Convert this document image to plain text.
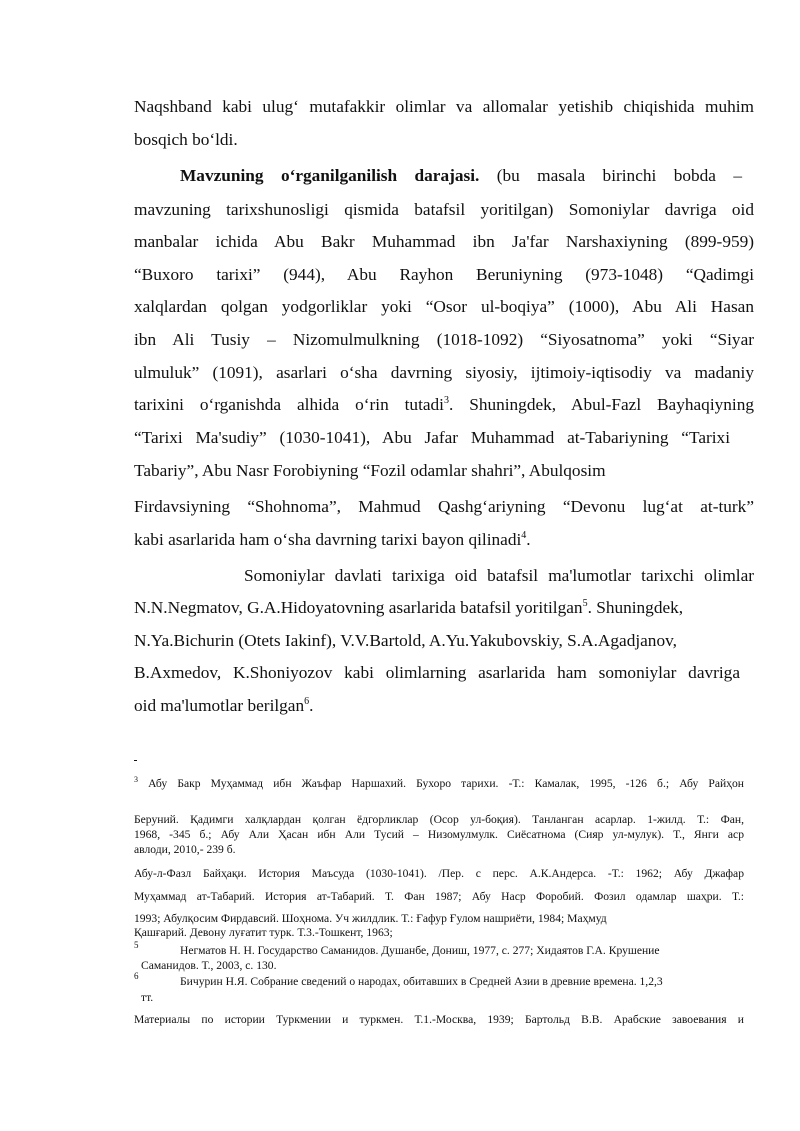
Naqshband kabi ulug‘ mutafakkir olimlar va allomalar yetishib chiqishida muhim
bosqich bo‘ldi.
Mavzuning o‘rganilganilish darajasi. (bu masala birinchi bobda –
mavzuning tarixshunosligi qismida batafsil yoritilgan) Somoniylar davriga oid
manbalar ichida Abu Bakr Muhammad ibn Ja'far Narshaxiyning (899-959)
“Buxoro tarixi” (944), Abu Rayhon Beruniyning (973-1048) “Qadimgi
xalqlardan qolgan yodgorliklar yoki “Osor ul-boqiya” (1000), Abu Ali Hasan
ibn Ali Tusiy – Nizomulmulkning (1018-1092) “Siyosatnoma” yoki “Siyar
ulmuluk” (1091), asarlari o‘sha davrning siyosiy, ijtimoiy-iqtisodiy va madaniy
tarixini o‘rganishda alhida o‘rin tutadi$^3$. Shuningdek, Abul-Fazl Bayhaqiyning
“Tarixi Ma'sudiy” (1030-1041), Abu Jafar Muhammad at-Tabariyning “Tarixi
Tabariy”, Abu Nasr Forobiyning “Fozil odamlar shahri”, Abulqosim
Firdavsiyning “Shohnoma”, Mahmud Qashg‘ariyning “Devonu lug‘at at-turk”
kabi asarlarida ham o‘sha davrning tarixi bayon qilinadi$^4$.
Somoniylar davlati tarixiga oid batafsil ma'lumotlar tarixchi olimlar
N.N.Negmatov, G.A.Hidoyatovning asarlarida batafsil yoritilgan$^5$. Shuningdek,
N.Ya.Bichurin (Otets Iakinf), V.V.Bartold, A.Yu.Yakubovskiy, S.A.Agadjanov,
B.Axmedov, K.Shoniyozov kabi olimlarning asarlarida ham somoniylar davriga
oid ma'lumotlar berilgan$^6$.
$^3$ Абу Бакр Муҳаммад ибн Жаъфар Наршахий. Бухоро тарихи. -Т.: Камалак, 1995, -126 б.; Абу Райҳон
Беруний. Қадимги халқлардан қолган ёдгорликлар (Осор ул-боқия). Танланган асарлар. 1-жилд. Т.: Фан,
1968, -345 б.; Абу Али Ҳасан ибн Али Тусий – Низомулмулк. Сиёсатнома (Сияр ул-мулук). Т., Янги аср
авлоди, 2010,- 239 б.
Абу-л-Фазл Байҳақи. История Маъсуда (1030-1041). /Пер. с перс. А.К.Андерса. -Т.: 1962; Абу Джафар
Муҳаммад ат-Табарий. История ат-Табарий. Т. Фан 1987; Абу Наср Форобий. Фозил одамлар шаҳри. Т.:
1993; Абулқосим Фирдавсий. Шоҳнома. Уч жилдлик. Т.: Ғафур Ғулом нашриёти, 1984; Маҳмуд
Қашғарий. Девону луғатит турк. Т.3.-Тошкент, 1963;
5	Негматов Н. Н. Государство Саманидов. Душанбе, Дониш, 1977, с. 277; Хидаятов Г.А. Крушение
Саманидов. Т., 2003, с. 130.
6	Бичурин Н.Я. Собрание сведений о народах, обитавших в Средней Азии в древние времена. 1,2,3
тт.
Материалы по истории Туркмении и туркмен. Т.1.-Москва, 1939; Бартольд В.В. Арабские завоевания и
